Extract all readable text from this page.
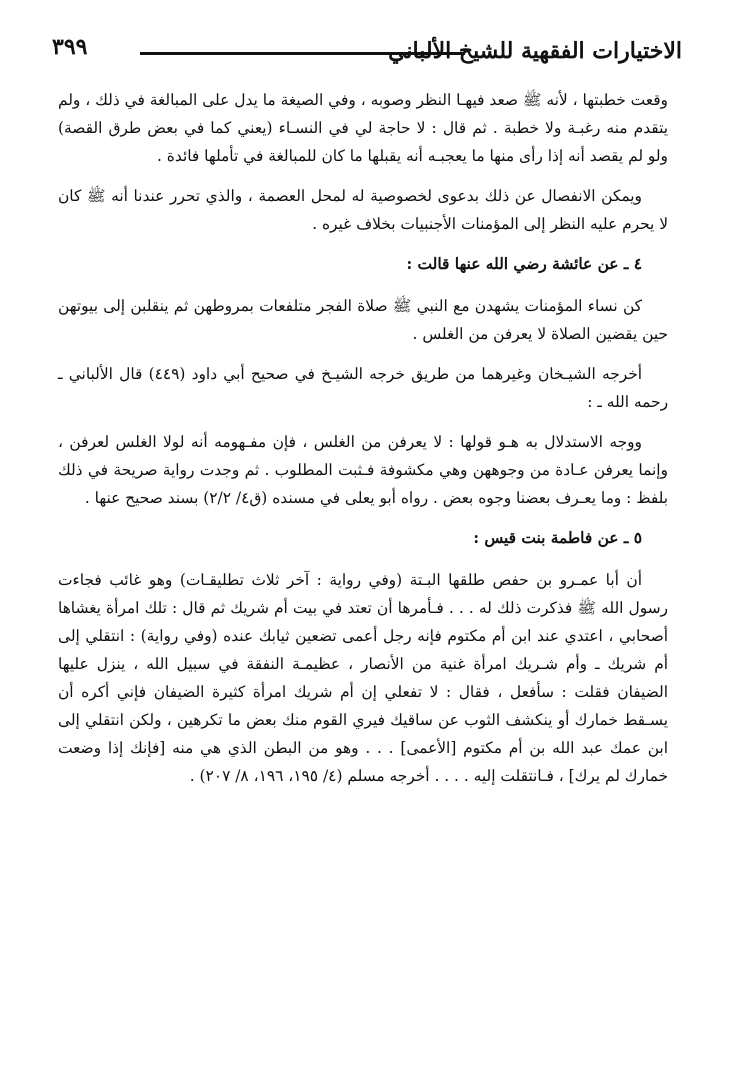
٣٩٩	الاختيارات الفقهية للشيخ الألباني

وقعت خطبتها ، لأنه ﷺ صعد فيهـا النظر وصوبه ، وفي الصيغة ما يدل على المبالغة في ذلك ، ولم يتقدم منه رغبـة ولا خطبة . ثم قال : لا حاجة لي في النسـاء (يعني كما في بعض طرق القصة) ولو لم يقصد أنه إذا رأى منها ما يعجبـه أنه يقبلها ما كان للمبالغة في تأملها فائدة .

ويمكن الانفصال عن ذلك بدعوى لخصوصية له لمحل العصمة ، والذي تحرر عندنا أنه ﷺ كان لا يحرم عليه النظر إلى المؤمنات الأجنبيات بخلاف غيره .

٤ ـ عن عائشة رضي الله عنها قالت :

كن نساء المؤمنات يشهدن مع النبي ﷺ صلاة الفجر متلفعات بمروطهن ثم ينقلبن إلى بيوتهن حين يقضين الصلاة لا يعرفن من الغلس .

أخرجه الشيـخان وغيرهما من طريق خرجه الشيـخ في صحيح أبي داود (٤٤٩) قال الألباني ـ رحمه الله ـ :

ووجه الاستدلال به هـو قولها : لا يعرفن من الغلس ، فإن مفـهومه أنه لولا الغلس لعرفن ، وإنما يعرفن عـادة من وجوههن وهي مكشوفة فـثبت المطلوب . ثم وجدت رواية صريحة في ذلك بلفظ : وما يعـرف بعضنا وجوه بعض . رواه أبو يعلى في مسنده (ق٤/ ٢/٢) بسند صحيح عنها .

٥ ـ عن فاطمة بنت قيس :

أن أبا عمـرو بن حفص طلقها البـتة (وفي رواية : آخر ثلاث تطليقـات) وهو غائب فجاءت رسول الله ﷺ فذكرت ذلك له . . . فـأمرها أن تعتد في بيت أم شريك ثم قال : تلك امرأة يغشاها أصحابي ، اعتدي عند ابن أم مكتوم فإنه رجل أعمى تضعين ثيابك عنده (وفي رواية) : انتقلي إلى أم شريك ـ وأم شـريك امرأة غنية من الأنصار ، عظيمـة النفقة في سبيل الله ، ينزل عليها الضيفان فقلت : سأفعل ، فقال : لا تفعلي إن أم شريك امرأة كثيرة الضيفان فإني أكره أن يسـقط خمارك أو ينكشف الثوب عن ساقيك فيري القوم منك بعض ما تكرهين ، ولكن انتقلي إلى ابن عمك عبد الله بن أم مكتوم [الأعمى] . . . وهو من البطن الذي هي منه [فإنك إذا وضعت خمارك لم يرك] ، فـانتقلت إليه . . . . أخرجه مسلم (٤/ ١٩٥، ١٩٦، ٨/ ٢٠٧) .
